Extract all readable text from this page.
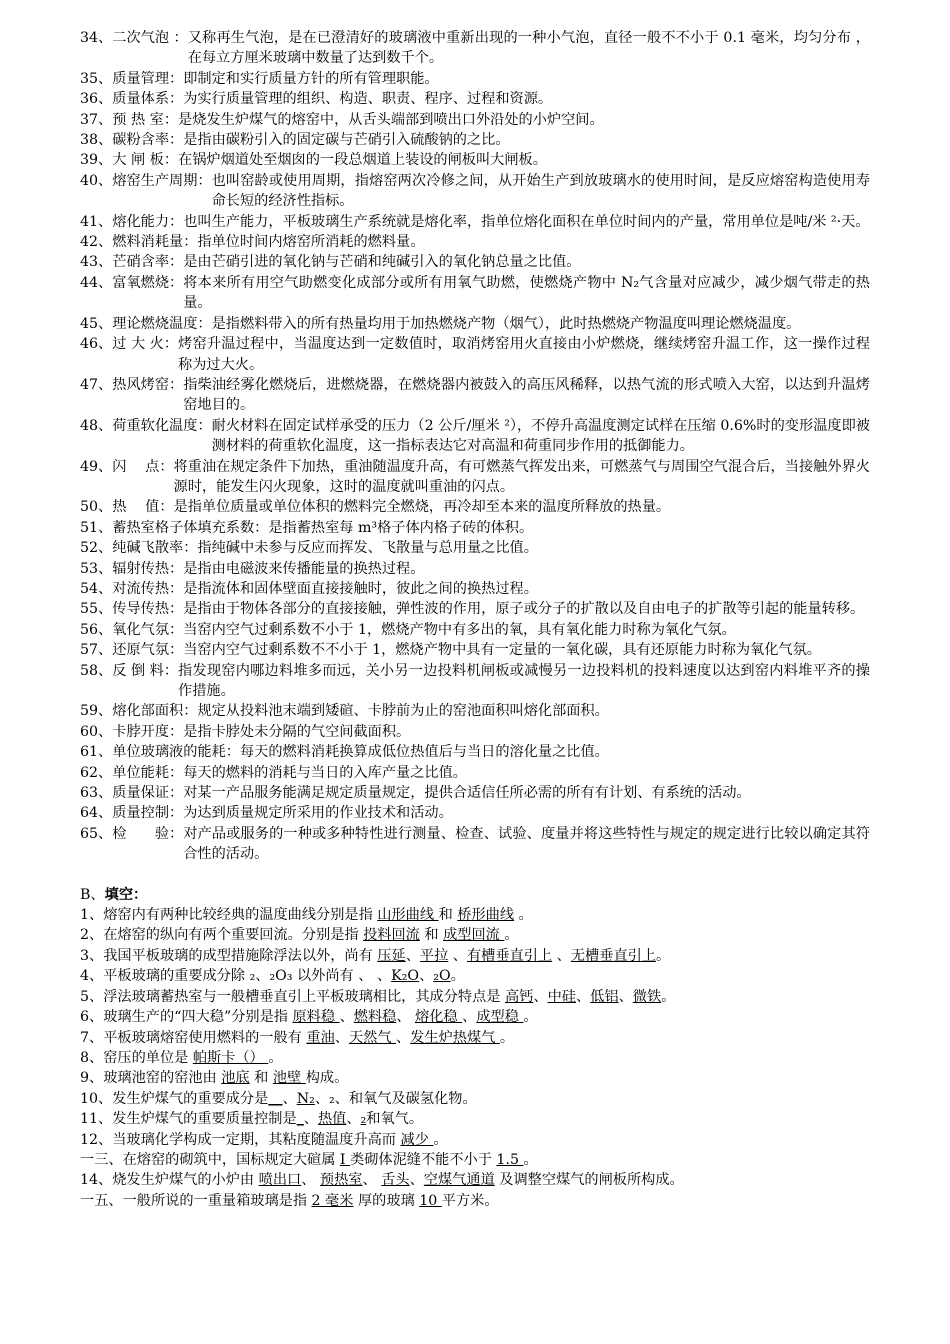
34、二次气泡 ： 又称再生气泡，是在已澄清好的玻璃液中重新出现的一种小气泡，直径一般不不小于 0.1 毫米，均匀分布 ，在每立方厘米玻璃中数量了达到数千个。
35、质量管理： 即制定和实行质量方针的所有管理职能。
36、质量体系： 为实行质量管理的组织、构造、职责、程序、过程和资源。
37、预 热 室： 是烧发生炉煤气的熔窑中，从舌头端部到喷出口外沿处的小炉空间。
38、碳粉含率： 是指由碳粉引入的固定碳与芒硝引入硫酸钠的之比。
39、大 闸 板： 在锅炉烟道处至烟囱的一段总烟道上装设的闸板叫大闸板。
40、熔窑生产周期： 也叫窑龄或使用周期，指熔窑两次冷修之间，从开始生产到放玻璃水的使用时间，是反应熔窑构造使用寿命长短的经济性指标。
41、熔化能力： 也叫生产能力，平板玻璃生产系统就是熔化率，指单位熔化面积在单位时间内的产量，常用单位是吨/米 ²·天。
42、燃料消耗量： 指单位时间内熔窑所消耗的燃料量。
43、芒硝含率： 是由芒硝引进的氧化钠与芒硝和纯碱引入的氧化钠总量之比值。
44、富氧燃烧： 将本来所有用空气助燃变化成部分或所有用氧气助燃，使燃烧产物中 N₂气含量对应减少，减少烟气带走的热量。
45、理论燃烧温度： 是指燃料带入的所有热量均用于加热燃烧产物（烟气），此时热燃烧产物温度叫理论燃烧温度。
46、过 大 火： 烤窑升温过程中，当温度达到一定数值时，取消烤窑用火直接由小炉燃烧，继续烤窑升温工作，这一操作过程称为过大火。
47、热风烤窑： 指柴油经雾化燃烧后，进燃烧器，在燃烧器内被鼓入的高压风稀释，以热气流的形式喷入大窑，以达到升温烤窑地目的。
48、荷重软化温度： 耐火材料在固定试样承受的压力（2 公斤/厘米 ²），不停升高温度测定试样在压缩 0.6%时的变形温度即被测材料的荷重软化温度，这一指标表达它对高温和荷重同步作用的抵御能力。
49、闪　 点： 将重油在规定条件下加热，重油随温度升高，有可燃蒸气挥发出来，可燃蒸气与周围空气混合后，当接触外界火源时，能发生闪火现象，这时的温度就叫重油的闪点。
50、热　 值： 是指单位质量或单位体积的燃料完全燃烧，再冷却至本来的温度所释放的热量。
51、蓄热室格子体填充系数： 是指蓄热室每 m³格子体内格子砖的体积。
52、纯碱飞散率： 指纯碱中未参与反应而挥发、飞散量与总用量之比值。
53、辐射传热： 是指由电磁波来传播能量的换热过程。
54、对流传热： 是指流体和固体壁面直接接触时，彼此之间的换热过程。
55、传导传热： 是指由于物体各部分的直接接触，弹性波的作用，原子或分子的扩散以及自由电子的扩散等引起的能量转移。
56、氧化气氛： 当窑内空气过剩系数不小于 1，燃烧产物中有多出的氧，具有氧化能力时称为氧化气氛。
57、还原气氛： 当窑内空气过剩系数不不小于 1，燃烧产物中具有一定量的一氧化碳，具有还原能力时称为氧化气氛。
58、反 倒 料： 指发现窑内哪边料堆多而远，关小另一边投料机闸板或减慢另一边投料机的投料速度以达到窑内料堆平齐的操作措施。
59、熔化部面积： 规定从投料池末端到矮碹、卡脖前为止的窑池面积叫熔化部面积。
60、卡脖开度： 是指卡脖处未分隔的气空间截面积。
61、单位玻璃液的能耗： 每天的燃料消耗换算成低位热值后与当日的溶化量之比值。
62、单位能耗： 每天的燃料的消耗与当日的入库产量之比值。
63、质量保证： 对某一产品服务能满足规定质量规定，提供合适信任所必需的所有有计划、有系统的活动。
64、质量控制： 为达到质量规定所采用的作业技术和活动。
65、检　　验： 对产品或服务的一种或多种特性进行测量、检查、试验、度量并将这些特性与规定的规定进行比较以确定其符合性的活动。
B、填空：
1、熔窑内有两种比较经典的温度曲线分别是指 山形曲线 和 桥形曲线 。
2、在熔窑的纵向有两个重要回流。分别是指 投料回流 和 成型回流 。
3、我国平板玻璃的成型措施除浮法以外，尚有 压延、平拉 、有槽垂直引上 、无槽垂直引上。
4、平板玻璃的重要成分除 ₂、₂O₃ 以外尚有 、 、K₂O、₂O。
5、浮法玻璃蓄热室与一般槽垂直引上平板玻璃相比，其成分特点是 高钙、中硅、低铝、微铁。
6、玻璃生产的“四大稳”分别是指 原料稳 、燃料稳、 熔化稳 、成型稳 。
7、平板玻璃熔窑使用燃料的一般有 重油、天然气 、发生炉热煤气 。
8、窑压的单位是 帕斯卡（） 。
9、玻璃池窑的窑池由 池底 和 池壁 构成。
10、发生炉煤气的重要成分是__、N₂、₂、和氧气及碳氢化物。
11、发生炉煤气的重要质量控制是_、热值、₂和氧气。
12、当玻璃化学构成一定期，其粘度随温度升高而 减少 。
一三、在熔窑的砌筑中，国标规定大碹属 I 类砌体泥缝不能不小于 1.5 。
14、烧发生炉煤气的小炉由 喷出口、 预热室、 舌头、空煤气通道 及调整空煤气的闸板所构成。
一五、一般所说的一重量箱玻璃是指 2 毫米 厚的玻璃 10 平方米。
